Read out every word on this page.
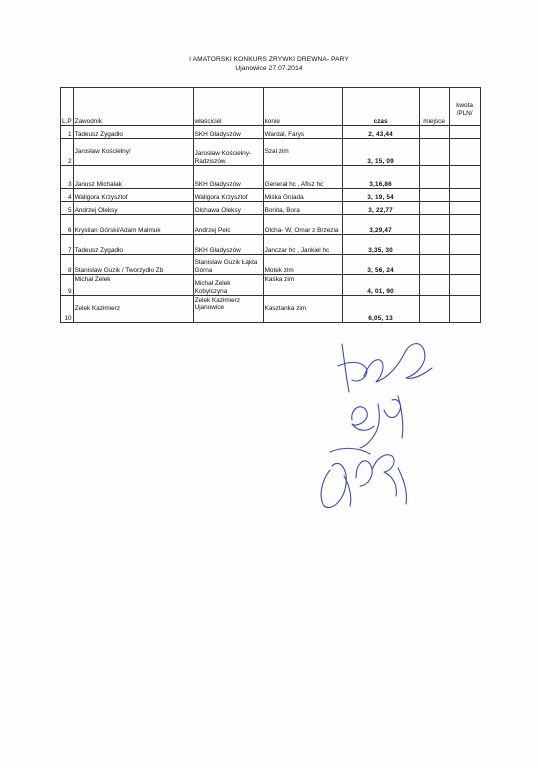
I AMATORSKI KONKURS ZRYWKI DREWNA- PARY
Ujanowice 27.07.2014
L.P	Zawodnik	właściciel	konie	czas	miejsce	kwota /PLN/
1	Tadeusz Zygadło	SKH Gładyszów	Wardal, Farys	2, 43,44		
2	Jarosław Kościelny/	Jarosław Kościelny-Radziszów	Szal zim	3, 15, 09		
3	Janusz Michalak	SKH Gładyszów	Generał hc , Afisz hc	3,16,86		
4	Waligora Krzysztof	Waligora Krzysztof	Miśka Gniada	3, 19, 54		
5	Andrzej Oleksy	Olchawa Oleksy	Bonita, Bora	3, 22,77		
6	Krystian Górski/Adam Malmuk	Andrzej Pelc	Olcha- W, Omar z Brzezia	3,29,47		
7	Tadeusz Zygadło	SKH Gładyszów	Janczar hc , Jankiel hc	3,35, 30		
8	Stanisław Guzik / Tworzydło Zb	Stanisław Guzik Łąkta Górna	Motek zim	3, 56, 24		
9	Michał Zelek	Michał Zelek Kobylczyna	Kaśka zim	4, 01, 90		
10	Zelek Kazimierz	Zelek Kazimierz Ujanowice	Kasztanka zim	6,05, 13		
